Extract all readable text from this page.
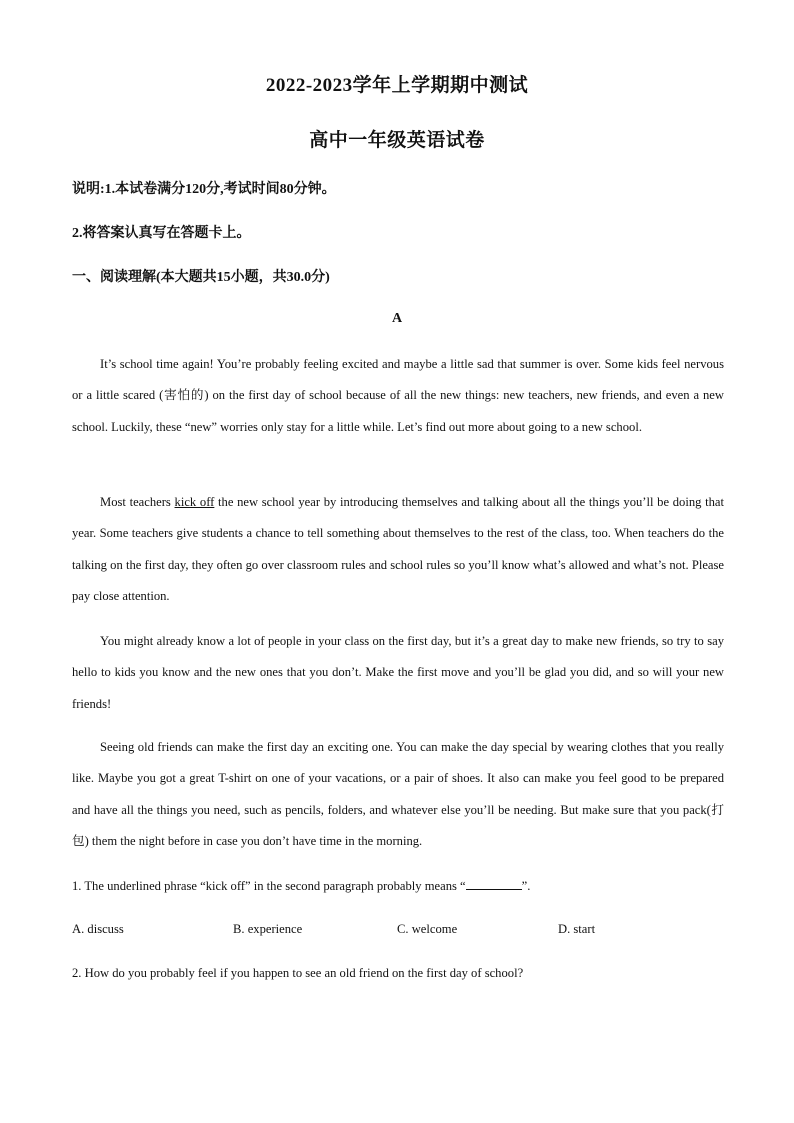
2022-2023学年上学期期中测试
高中一年级英语试卷
说明:1.本试卷满分120分,考试时间80分钟。
2.将答案认真写在答题卡上。
一、阅读理解(本大题共15小题，共30.0分)
A

It’s school time again! You’re probably feeling excited and maybe a little sad that summer is over. Some kids feel nervous or a little scared (害怕的) on the first day of school because of all the new things: new teachers, new friends, and even a new school. Luckily, these “new” worries only stay for a little while. Let’s find out more about going to a new school.

Most teachers kick off the new school year by introducing themselves and talking about all the things you’ll be doing that year. Some teachers give students a chance to tell something about themselves to the rest of the class, too. When teachers do the talking on the first day, they often go over classroom rules and school rules so you’ll know what’s allowed and what’s not. Please pay close attention.

You might already know a lot of people in your class on the first day, but it’s a great day to make new friends, so try to say hello to kids you know and the new ones that you don’t. Make the first move and you’ll be glad you did, and so will your new friends!

Seeing old friends can make the first day an exciting one. You can make the day special by wearing clothes that you really like. Maybe you got a great T-shirt on one of your vacations, or a pair of shoes. It also can make you feel good to be prepared and have all the things you need, such as pencils, folders, and whatever else you’ll be needing. But make sure that you pack(打包) them the night before in case you don’t have time in the morning.

1. The underlined phrase “kick off” in the second paragraph probably means “	”.
A. discuss	B. experience	C. welcome	D. start
2. How do you probably feel if you happen to see an old friend on the first day of school?
